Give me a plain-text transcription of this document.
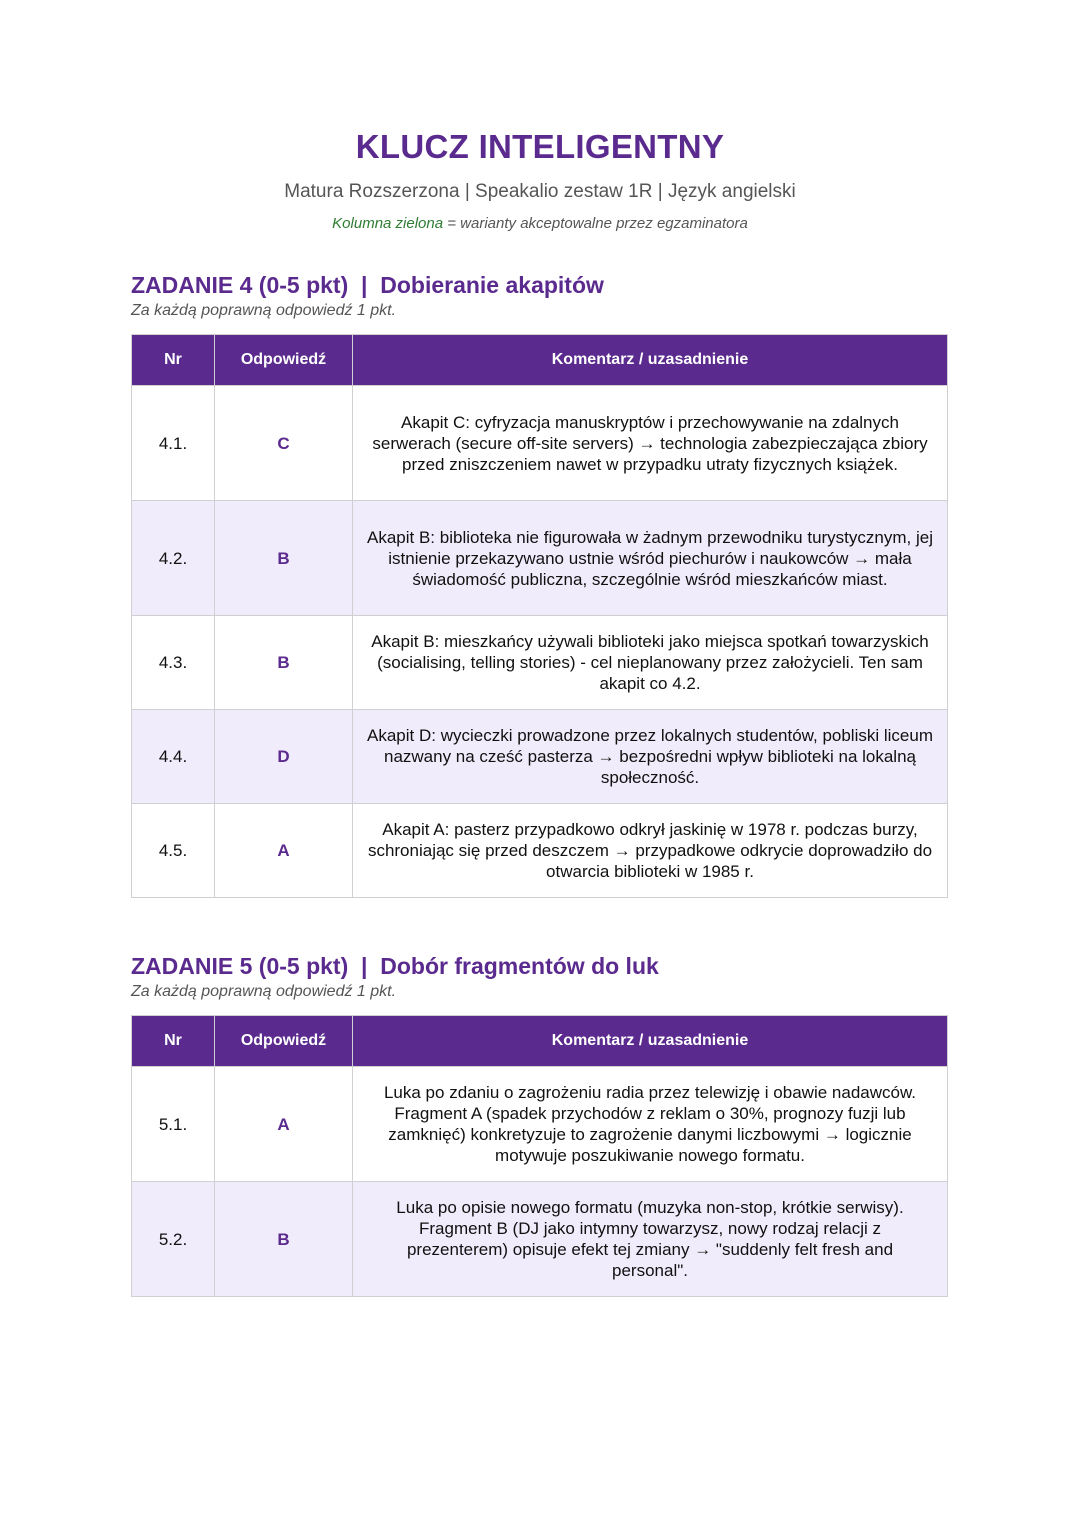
KLUCZ INTELIGENTNY
Matura Rozszerzona | Speakalio zestaw 1R | Język angielski
Kolumna zielona = warianty akceptowalne przez egzaminatora
ZADANIE 4 (0-5 pkt)  |  Dobieranie akapitów

Za każdą poprawną odpowiedź 1 pkt.

Nr	Odpowiedź	Komentarz / uzasadnienie
4.1.	C	Akapit C: cyfryzacja manuskryptów i przechowywanie na zdalnych serwerach (secure off-site servers) → technologia zabezpieczająca zbiory przed zniszczeniem nawet w przypadku utraty fizycznych książek.
4.2.	B	Akapit B: biblioteka nie figurowała w żadnym przewodniku turystycznym, jej istnienie przekazywano ustnie wśród piechurów i naukowców → mała świadomość publiczna, szczególnie wśród mieszkańców miast.
4.3.	B	Akapit B: mieszkańcy używali biblioteki jako miejsca spotkań towarzyskich (socialising, telling stories) - cel nieplanowany przez założycieli. Ten sam akapit co 4.2.
4.4.	D	Akapit D: wycieczki prowadzone przez lokalnych studentów, pobliski liceum nazwany na cześć pasterza → bezpośredni wpływ biblioteki na lokalną społeczność.
4.5.	A	Akapit A: pasterz przypadkowo odkrył jaskinię w 1978 r. podczas burzy, schroniając się przed deszczem → przypadkowe odkrycie doprowadziło do otwarcia biblioteki w 1985 r.
ZADANIE 5 (0-5 pkt)  |  Dobór fragmentów do luk

Za każdą poprawną odpowiedź 1 pkt.

Nr	Odpowiedź	Komentarz / uzasadnienie
5.1.	A	Luka po zdaniu o zagrożeniu radia przez telewizję i obawie nadawców. Fragment A (spadek przychodów z reklam o 30%, prognozy fuzji lub zamknięć) konkretyzuje to zagrożenie danymi liczbowymi → logicznie motywuje poszukiwanie nowego formatu.
5.2.	B	Luka po opisie nowego formatu (muzyka non-stop, krótkie serwisy). Fragment B (DJ jako intymny towarzysz, nowy rodzaj relacji z prezenterem) opisuje efekt tej zmiany → "suddenly felt fresh and personal".
